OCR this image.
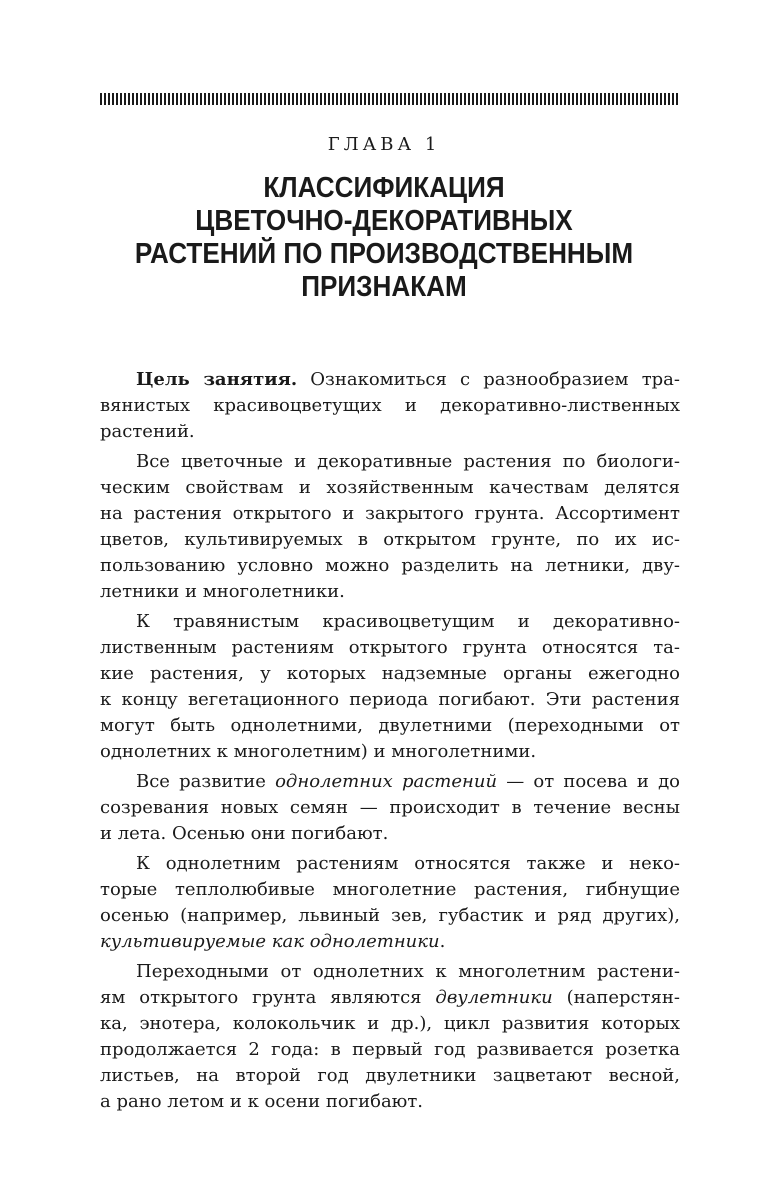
ГЛАВА 1
КЛАССИФИКАЦИЯ
ЦВЕТОЧНО-ДЕКОРАТИВНЫХ
РАСТЕНИЙ ПО ПРОИЗВОДСТВЕННЫМ
ПРИЗНАКАМ

Цель занятия. Ознакомиться с разнообразием тра-
вянистых красивоцветущих и декоративно-лиственных
растений.

Все цветочные и декоративные растения по биологи-
ческим свойствам и хозяйственным качествам делятся
на растения открытого и закрытого грунта. Ассортимент
цветов, культивируемых в открытом грунте, по их ис-
пользованию условно можно разделить на летники, дву-
летники и многолетники.

К травянистым красивоцветущим и декоративно-
лиственным растениям открытого грунта относятся та-
кие растения, у которых надземные органы ежегодно
к концу вегетационного периода погибают. Эти растения
могут быть однолетними, двулетними (переходными от
однолетних к многолетним) и многолетними.

Все развитие однолетних растений — от посева и до
созревания новых семян — происходит в течение весны
и лета. Осенью они погибают.

К однолетним растениям относятся также и неко-
торые теплолюбивые многолетние растения, гибнущие
осенью (например, львиный зев, губастик и ряд других),
культивируемые как однолетники.

Переходными от однолетних к многолетним растени-
ям открытого грунта являются двулетники (наперстян-
ка, энотера, колокольчик и др.), цикл развития которых
продолжается 2 года: в первый год развивается розетка
листьев, на второй год двулетники зацветают весной,
а рано летом и к осени погибают.
